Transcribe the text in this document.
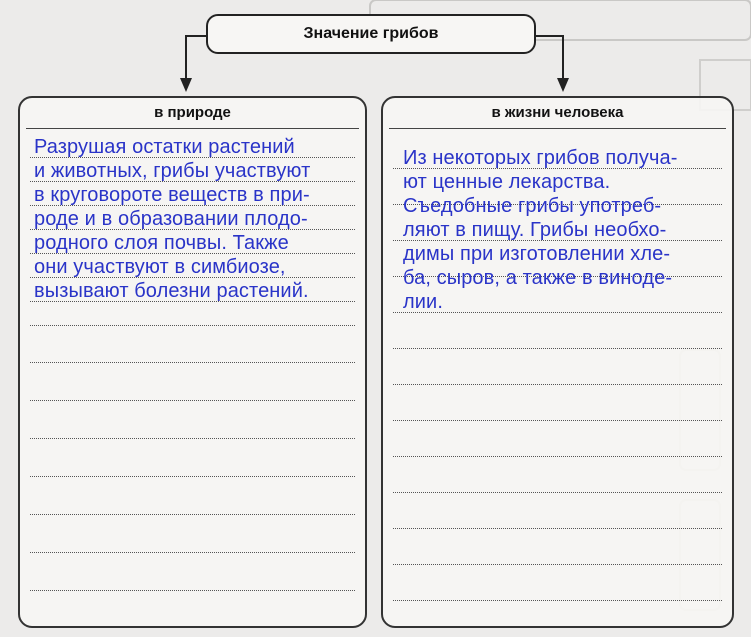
Значение грибов
в природе
Разрушая остатки растений
и животных, грибы участвуют
в круговороте веществ в при-
роде и в образовании плодо-
родного слоя почвы. Также
они участвуют в симбиозе,
вызывают болезни растений.
в жизни человека
Из некоторых грибов получа-
ют ценные лекарства.
Съедобные грибы употреб-
ляют в пищу. Грибы необхо-
димы при изготовлении хле-
ба, сыров, а также в виноде-
лии.
